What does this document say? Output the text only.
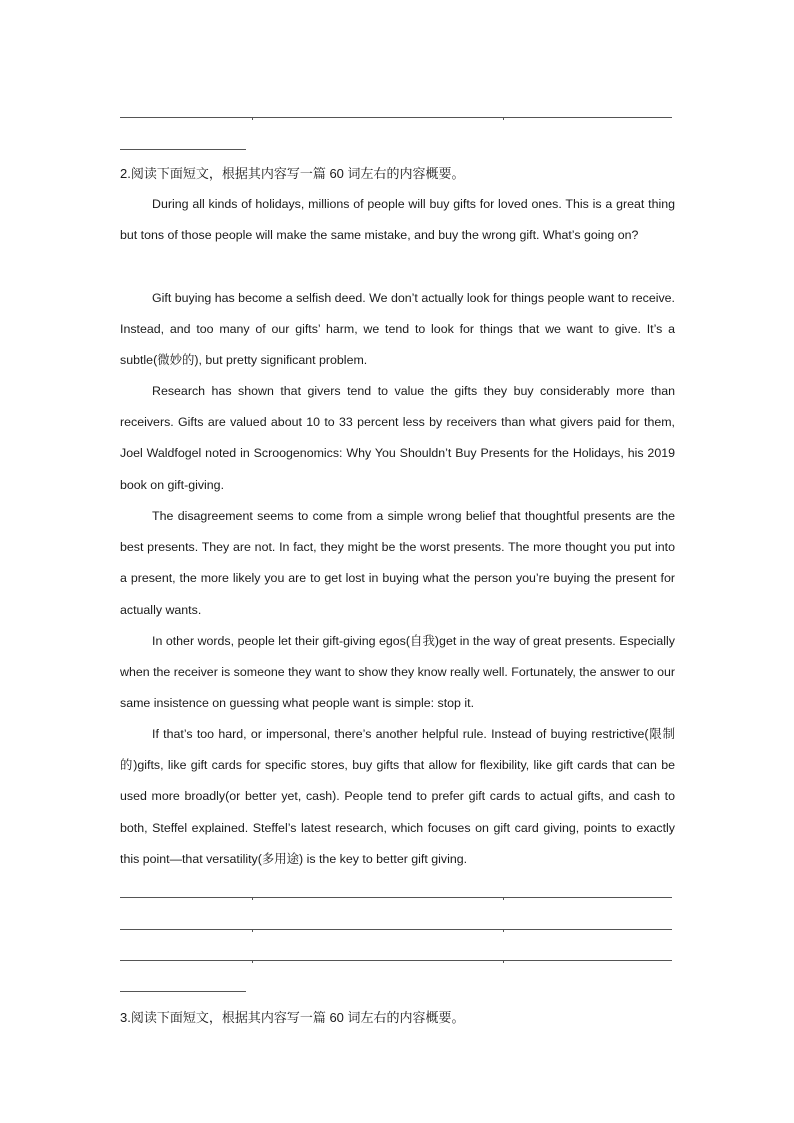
2.阅读下面短文，根据其内容写一篇 60 词左右的内容概要。

During all kinds of holidays, millions of people will buy gifts for loved ones. This is a great thing but tons of those people will make the same mistake, and buy the wrong gift. What’s going on?

Gift buying has become a selfish deed. We don’t actually look for things people want to receive. Instead, and too many of our gifts’ harm, we tend to look for things that we want to give. It’s a subtle(微妙的), but pretty significant problem.

Research has shown that givers tend to value the gifts they buy considerably more than receivers. Gifts are valued about 10 to 33 percent less by receivers than what givers paid for them, Joel Waldfogel noted in Scroogenomics: Why You Shouldn’t Buy Presents for the Holidays, his 2019 book on gift-giving.

The disagreement seems to come from a simple wrong belief that thoughtful presents are the best presents. They are not. In fact, they might be the worst presents. The more thought you put into a present, the more likely you are to get lost in buying what the person you’re buying the present for actually wants.

In other words, people let their gift-giving egos(自我)get in the way of great presents. Especially when the receiver is someone they want to show they know really well. Fortunately, the answer to our same insistence on guessing what people want is simple: stop it.

If that’s too hard, or impersonal, there’s another helpful rule. Instead of buying restrictive(限制的)gifts, like gift cards for specific stores, buy gifts that allow for flexibility, like gift cards that can be used more broadly(or better yet, cash). People tend to prefer gift cards to actual gifts, and cash to both, Steffel explained. Steffel’s latest research, which focuses on gift card giving, points to exactly this point—that versatility(多用途) is the key to better gift giving.

3.阅读下面短文，根据其内容写一篇 60 词左右的内容概要。
